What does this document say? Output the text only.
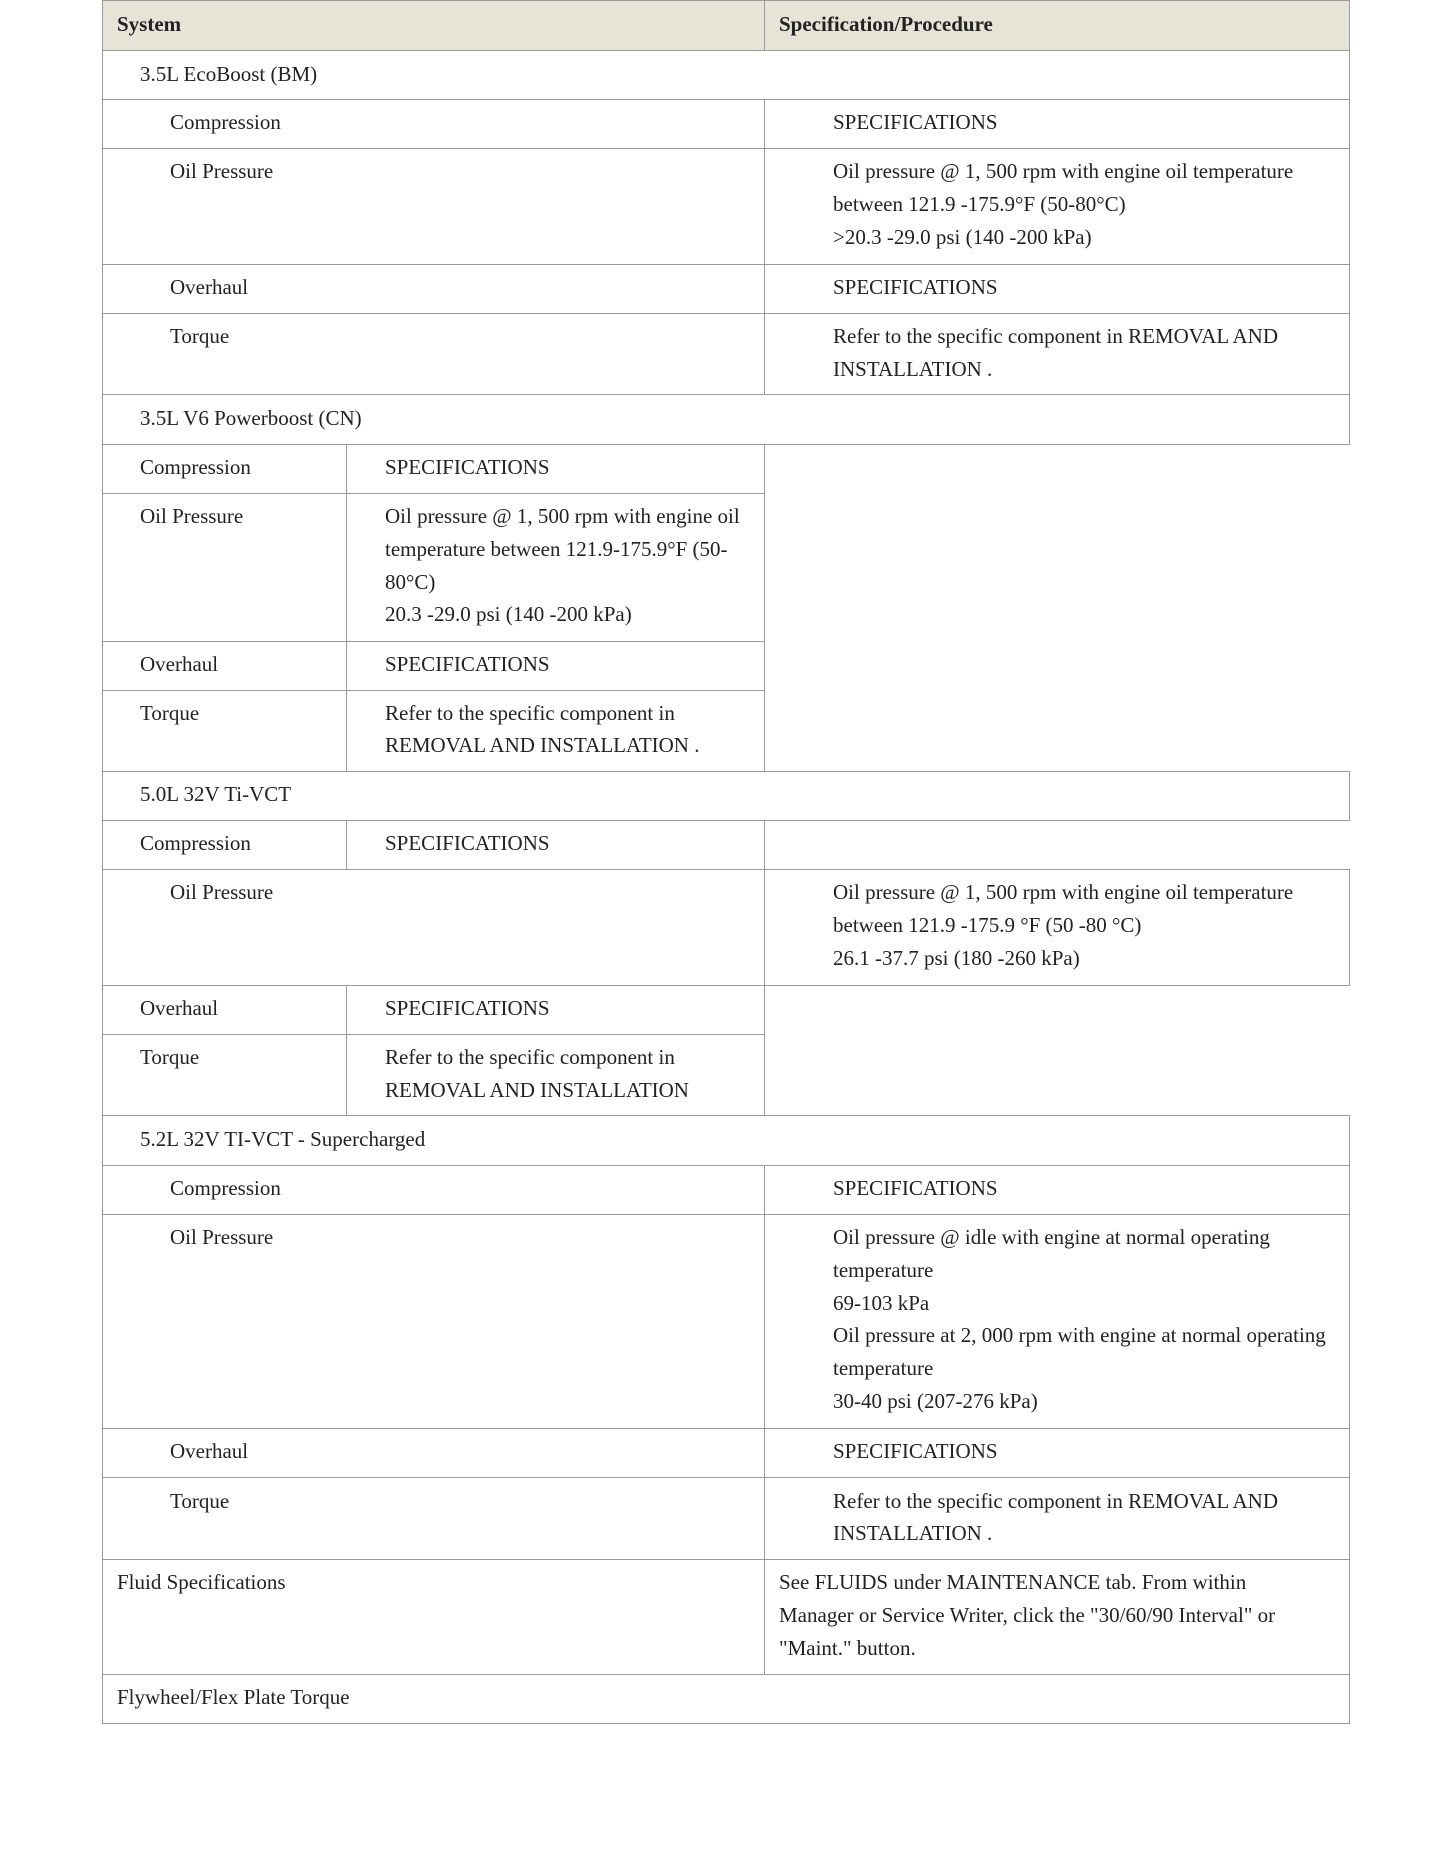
System	Specification/Procedure
3.5L EcoBoost (BM)
Compression	SPECIFICATIONS
Oil Pressure	Oil pressure @ 1, 500 rpm with engine oil temperature
between 121.9 -175.9°F (50-80°C)
>20.3 -29.0 psi (140 -200 kPa)
Overhaul	SPECIFICATIONS
Torque	Refer to the specific component in REMOVAL AND
INSTALLATION .
3.5L V6 Powerboost (CN)
Compression	SPECIFICATIONS
Oil Pressure	Oil pressure @ 1, 500 rpm with engine oil
temperature between 121.9-175.9°F (50-
80°C)
20.3 -29.0 psi (140 -200 kPa)
Overhaul	SPECIFICATIONS
Torque	Refer to the specific component in
REMOVAL AND INSTALLATION .
5.0L 32V Ti-VCT
Compression	SPECIFICATIONS
Oil Pressure	Oil pressure @ 1, 500 rpm with engine oil temperature
between 121.9 -175.9 °F (50 -80 °C)
26.1 -37.7 psi (180 -260 kPa)
Overhaul	SPECIFICATIONS
Torque	Refer to the specific component in
REMOVAL AND INSTALLATION
5.2L 32V TI-VCT - Supercharged
Compression	SPECIFICATIONS
Oil Pressure	Oil pressure @ idle with engine at normal operating
temperature
69-103 kPa
Oil pressure at 2, 000 rpm with engine at normal operating
temperature
30-40 psi (207-276 kPa)
Overhaul	SPECIFICATIONS
Torque	Refer to the specific component in REMOVAL AND
INSTALLATION .
Fluid Specifications	See FLUIDS under MAINTENANCE tab. From within
Manager or Service Writer, click the "30/60/90 Interval" or
"Maint." button.
Flywheel/Flex Plate Torque
